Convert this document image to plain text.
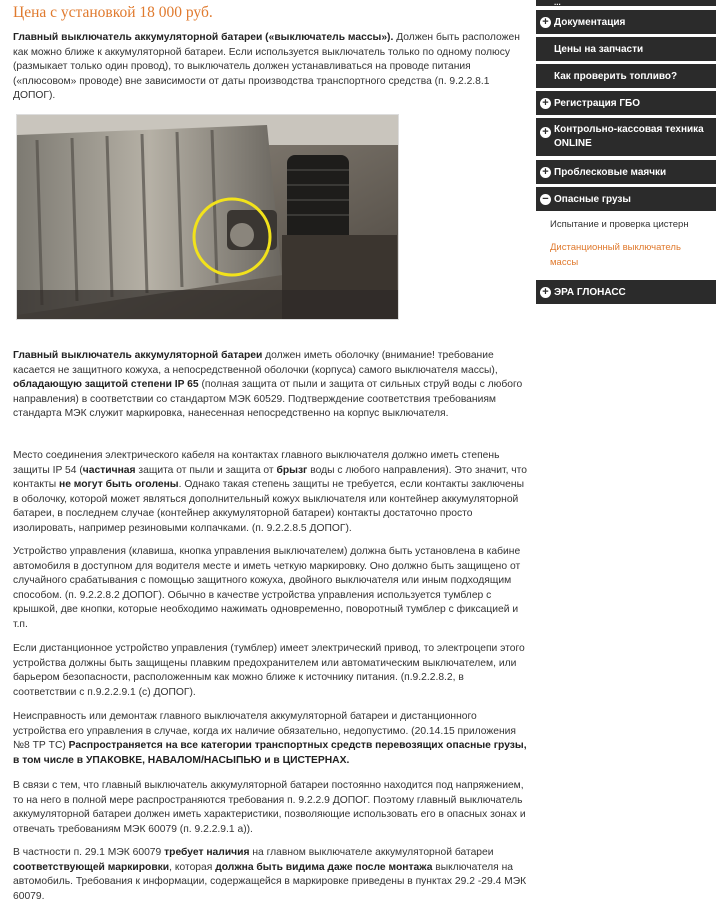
Цена с установкой 18 000 руб.

Главный выключатель аккумуляторной батареи («выключатель массы»). Должен быть расположен как можно ближе к аккумуляторной батареи. Если используется выключатель только по одному полюсу (размыкает только один провод), то выключатель должен устанавливаться на проводе питания («плюсовом» проводе) вне зависимости от даты производства транспортного средства (п. 9.2.2.8.1 ДОПОГ).

Главный выключатель аккумуляторной батареи должен иметь оболочку (внимание! требование касается не защитного кожуха, а непосредственной оболочки (корпуса) самого выключателя массы), обладающую защитой степени IP 65 (полная защита от пыли и защита от сильных струй воды с любого направления) в соответствии со стандартом МЭК 60529. Подтверждение соответствия требованиям стандарта МЭК служит маркировка, нанесенная непосредственно на корпус выключателя.

Место соединения электрического кабеля на контактах главного выключателя должно иметь степень защиты IP 54 (частичная защита от пыли и защита от брызг воды с любого направления). Это значит, что контакты не могут быть оголены. Однако такая степень защиты не требуется, если контакты заключены в оболочку, которой может являться дополнительный кожух выключателя или контейнер аккумуляторной батареи, в последнем случае (контейнер аккумуляторной батареи) контакты достаточно просто изолировать, например резиновыми колпачками. (п. 9.2.2.8.5 ДОПОГ).

Устройство управления (клавиша, кнопка управления выключателем) должна быть установлена в кабине автомобиля в доступном для водителя месте и иметь четкую маркировку. Оно должно быть защищено от случайного срабатывания с помощью защитного кожуха, двойного выключателя или иным подходящим способом. (п. 9.2.2.8.2 ДОПОГ). Обычно в качестве устройства управления используется тумблер с крышкой, две кнопки, которые необходимо нажимать одновременно, поворотный тумблер с фиксацией и т.п.

Если дистанционное устройство управления (тумблер) имеет электрический привод, то электроцепи этого устройства должны быть защищены плавким предохранителем или автоматическим выключателем, или барьером безопасности, расположенным как можно ближе к источнику питания. (п.9.2.2.8.2, в соответствии с п.9.2.2.9.1 (c) ДОПОГ).

Неисправность или демонтаж главного выключателя аккумуляторной батареи и дистанционного устройства его управления в случае, когда их наличие обязательно, недопустимо. (20.14.15 приложения №8 ТР ТС) Распространяется на все категории транспортных средств перевозящих опасные грузы, в том числе в УПАКОВКЕ, НАВАЛОМ/НАСЫПЬЮ и в ЦИСТЕРНАХ.

В связи с тем, что главный выключатель аккумуляторной батареи постоянно находится под напряжением, то на него в полной мере распространяются требования п. 9.2.2.9 ДОПОГ. Поэтому главный выключатель аккумуляторной батареи должен иметь характеристики, позволяющие использовать его в опасных зонах и отвечать требованиям МЭК 60079 (п. 9.2.2.9.1 a)).

В частности п. 29.1 МЭК 60079 требует наличия на главном выключателе аккумуляторной батареи соответствующей маркировки, которая должна быть видима даже после монтажа выключателя на автомобиль. Требования к информации, содержащейся в маркировке приведены в пунктах 29.2 -29.4 МЭК 60079.

...
+ Документация
Цены на запчасти
Как проверить топливо?
+ Регистрация ГБО
+ Контрольно-кассовая техника
ONLINE
+ Проблесковые маячки
− Опасные грузы
Испытание и проверка цистерн
Дистанционный выключатель
массы
+ ЭРА ГЛОНАСС
